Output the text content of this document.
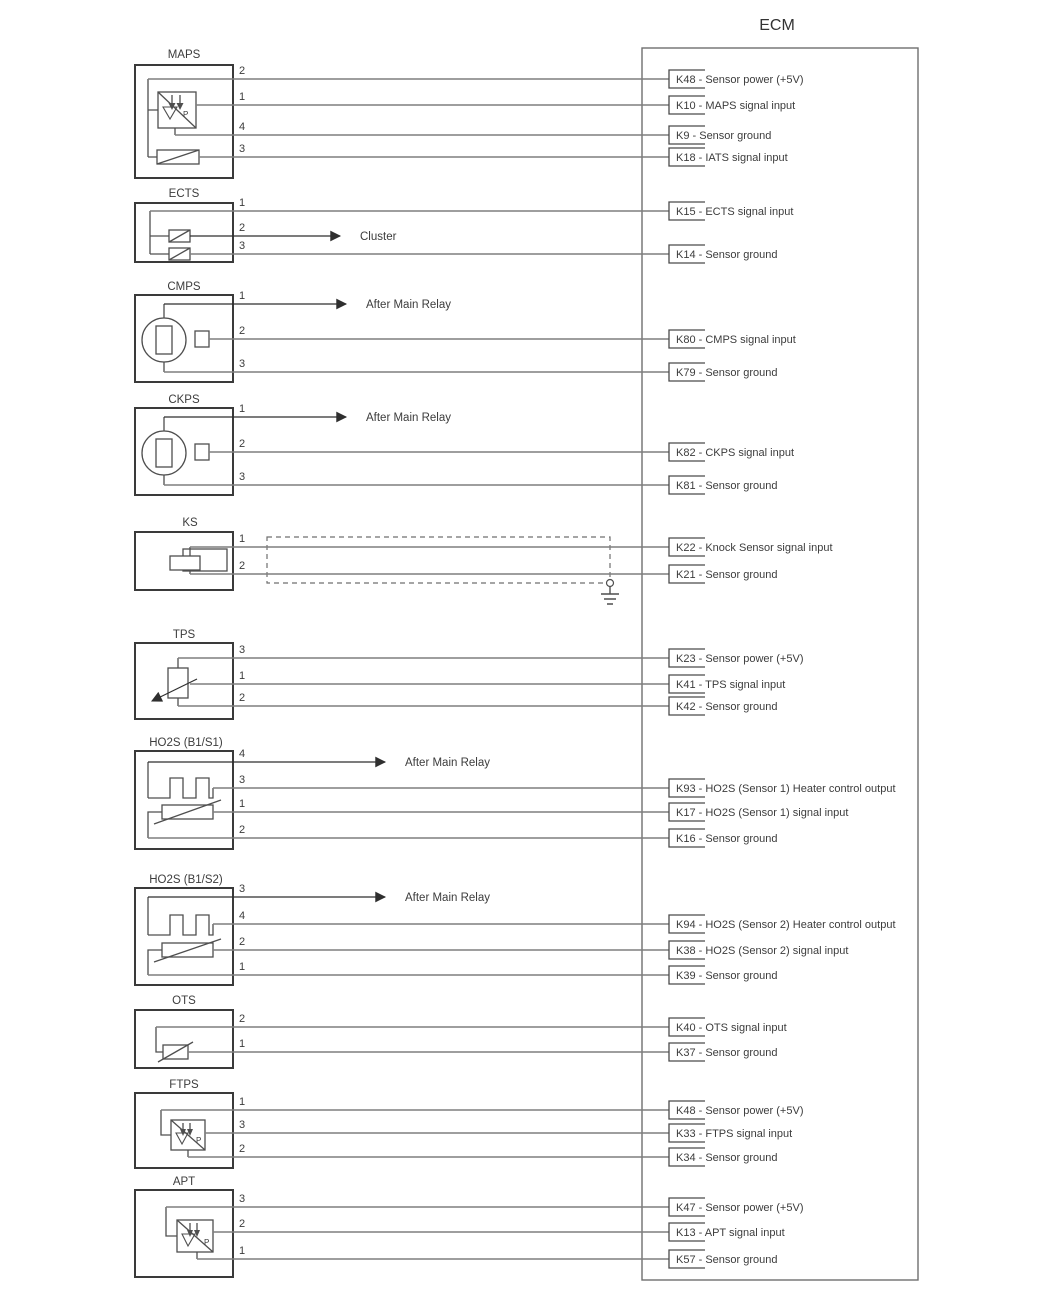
ECM
MAPS
P
2
1
4
3
ECTS
Cluster
1
2
3
CMPS
After Main Relay
1
2
3
CKPS
After Main Relay
1
2
3
KS
1
2
TPS
3
1
2
HO2S (B1/S1)
After Main Relay
4
3
1
2
HO2S (B1/S2)
After Main Relay
3
4
2
1
OTS
2
1
FTPS
P
1
3
2
APT
P
3
2
1
K48 - Sensor power (+5V)
K10 - MAPS signal input
K9 - Sensor ground
K18 - IATS signal input
K15 - ECTS signal input
K14 - Sensor ground
K80 - CMPS signal input
K79 - Sensor ground
K82 - CKPS signal input
K81 - Sensor ground
K22 - Knock Sensor signal input
K21 - Sensor ground
K23 - Sensor power (+5V)
K41 - TPS signal input
K42 - Sensor ground
K93 - HO2S (Sensor 1) Heater control output
K17 - HO2S (Sensor 1) signal input
K16 - Sensor ground
K94 - HO2S (Sensor 2) Heater control output
K38 - HO2S (Sensor 2) signal input
K39 - Sensor ground
K40 - OTS signal input
K37 - Sensor ground
K48 - Sensor power (+5V)
K33 - FTPS signal input
K34 - Sensor ground
K47 - Sensor power (+5V)
K13 - APT signal input
K57 - Sensor ground
